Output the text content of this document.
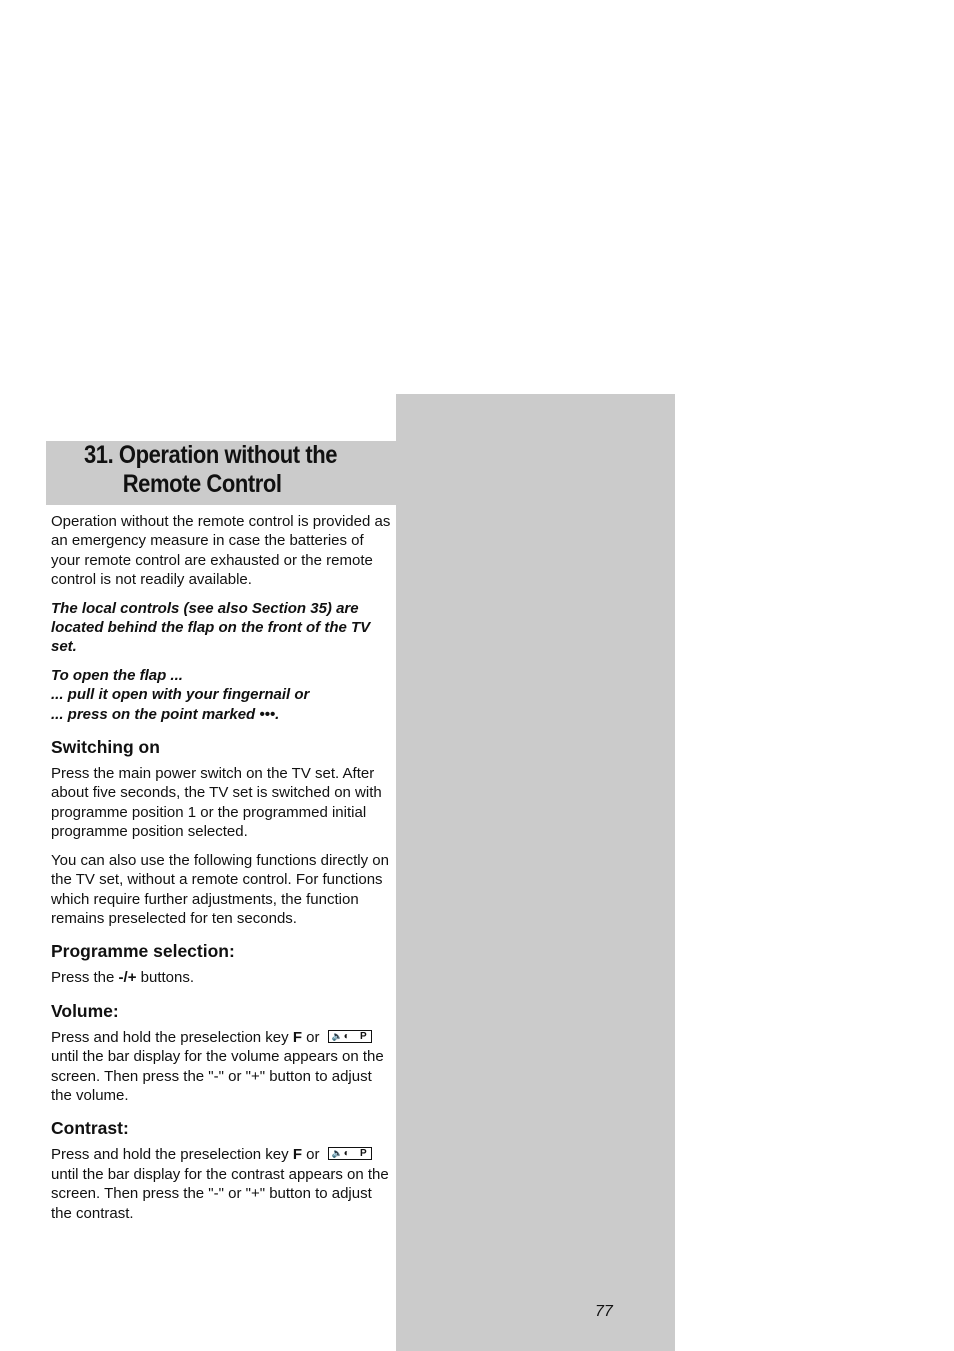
31. Operation without the
Remote Control

Operation without the remote control is provided as an emergency measure in case the batteries of your remote control are exhausted or the remote control is not readily available.

The local controls (see also Section 35) are located behind the flap on the front of the TV set.

To open the flap ...
... pull it open with your fingernail or
... press on the point marked •••.

Switching on

Press the main power switch on the TV set. After about five seconds, the TV set is switched on with programme position 1 or the programmed initial programme position selected.

You can also use the following functions directly on the TV set, without a remote control. For functions which require further adjustments, the function remains preselected for ten seconds.

Programme selection:

Press the -/+ buttons.

Volume:

Press and hold the preselection key F or 🔈 ◐ P
until the bar display for the volume appears on the screen. Then press the "-" or "+" button to adjust the volume.

Contrast:

Press and hold the preselection key F or 🔈 ◐ P
until the bar display for the contrast appears on the screen. Then press the "-" or "+" button to adjust the contrast.

77
